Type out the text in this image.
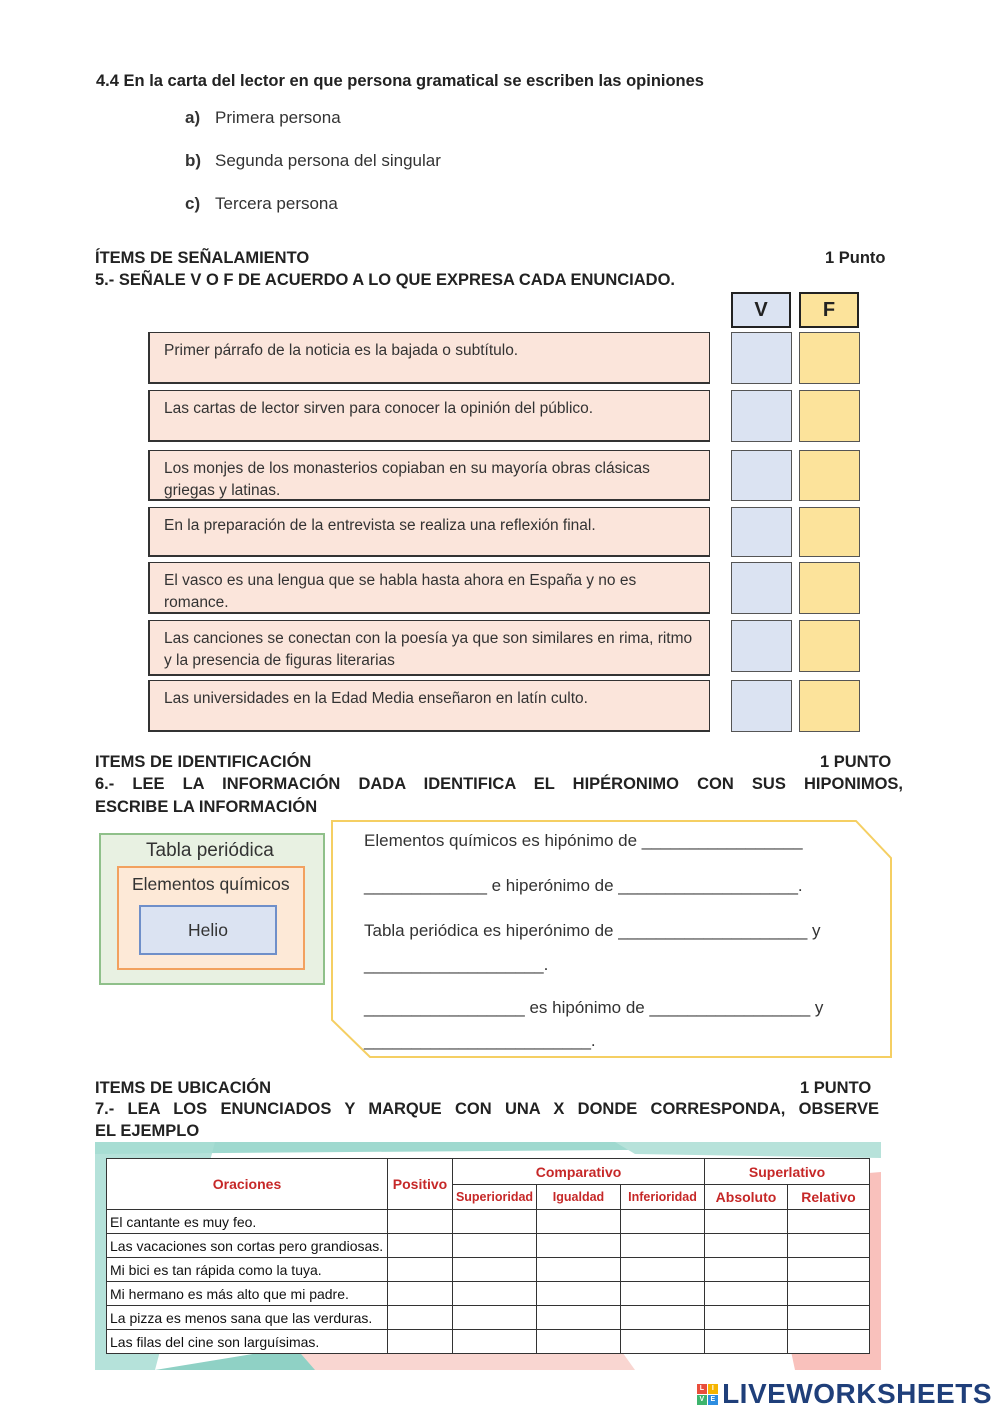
4.4 En la carta del lector en que persona gramatical se escriben las opiniones
a) Primera persona
b) Segunda persona del singular
c) Tercera persona
ÍTEMS DE SEÑALAMIENTO	1 Punto
5.- SEÑALE V O F DE ACUERDO A LO QUE EXPRESA CADA ENUNCIADO.
V	F
Primer párrafo de la noticia es la bajada o subtítulo.
Las cartas de lector sirven para conocer la opinión del público.
Los monjes de los monasterios copiaban en su mayoría obras clásicas griegas y latinas.
En la preparación de la entrevista se realiza una reflexión final.
El vasco es una lengua que se habla hasta ahora en España y no es romance.
Las canciones se conectan con la poesía ya que son similares en rima, ritmo y la presencia de figuras literarias
Las universidades en la Edad Media enseñaron en latín culto.
ITEMS DE IDENTIFICACIÓN	1 PUNTO
6.- LEE LA INFORMACIÓN DADA IDENTIFICA EL HIPÉRONIMO CON SUS HIPONIMOS,
ESCRIBE LA INFORMACIÓN
Tabla periódica
Elementos químicos
Helio
Elementos químicos es hipónimo de _________________
_____________ e hiperónimo de ___________________.
Tabla periódica es hiperónimo de ____________________ y
___________________.
_________________ es hipónimo de _________________ y
________________________.
ITEMS DE UBICACIÓN	1 PUNTO
7.- LEA LOS ENUNCIADOS Y MARQUE CON UNA X DONDE CORRESPONDA, OBSERVE
EL EJEMPLO
Oraciones	Positivo	Comparativo			Superlativo	
		Superioridad	Igualdad	Inferioridad	Absoluto	Relativo
El cantante es muy feo.						
Las vacaciones son cortas pero grandiosas.						
Mi bici es tan rápida como la tuya.						
Mi hermano es más alto que mi padre.						
La pizza es menos sana que las verduras.						
Las filas del cine son larguísimas.						
L	I
V E LIVEWORKSHEETS
